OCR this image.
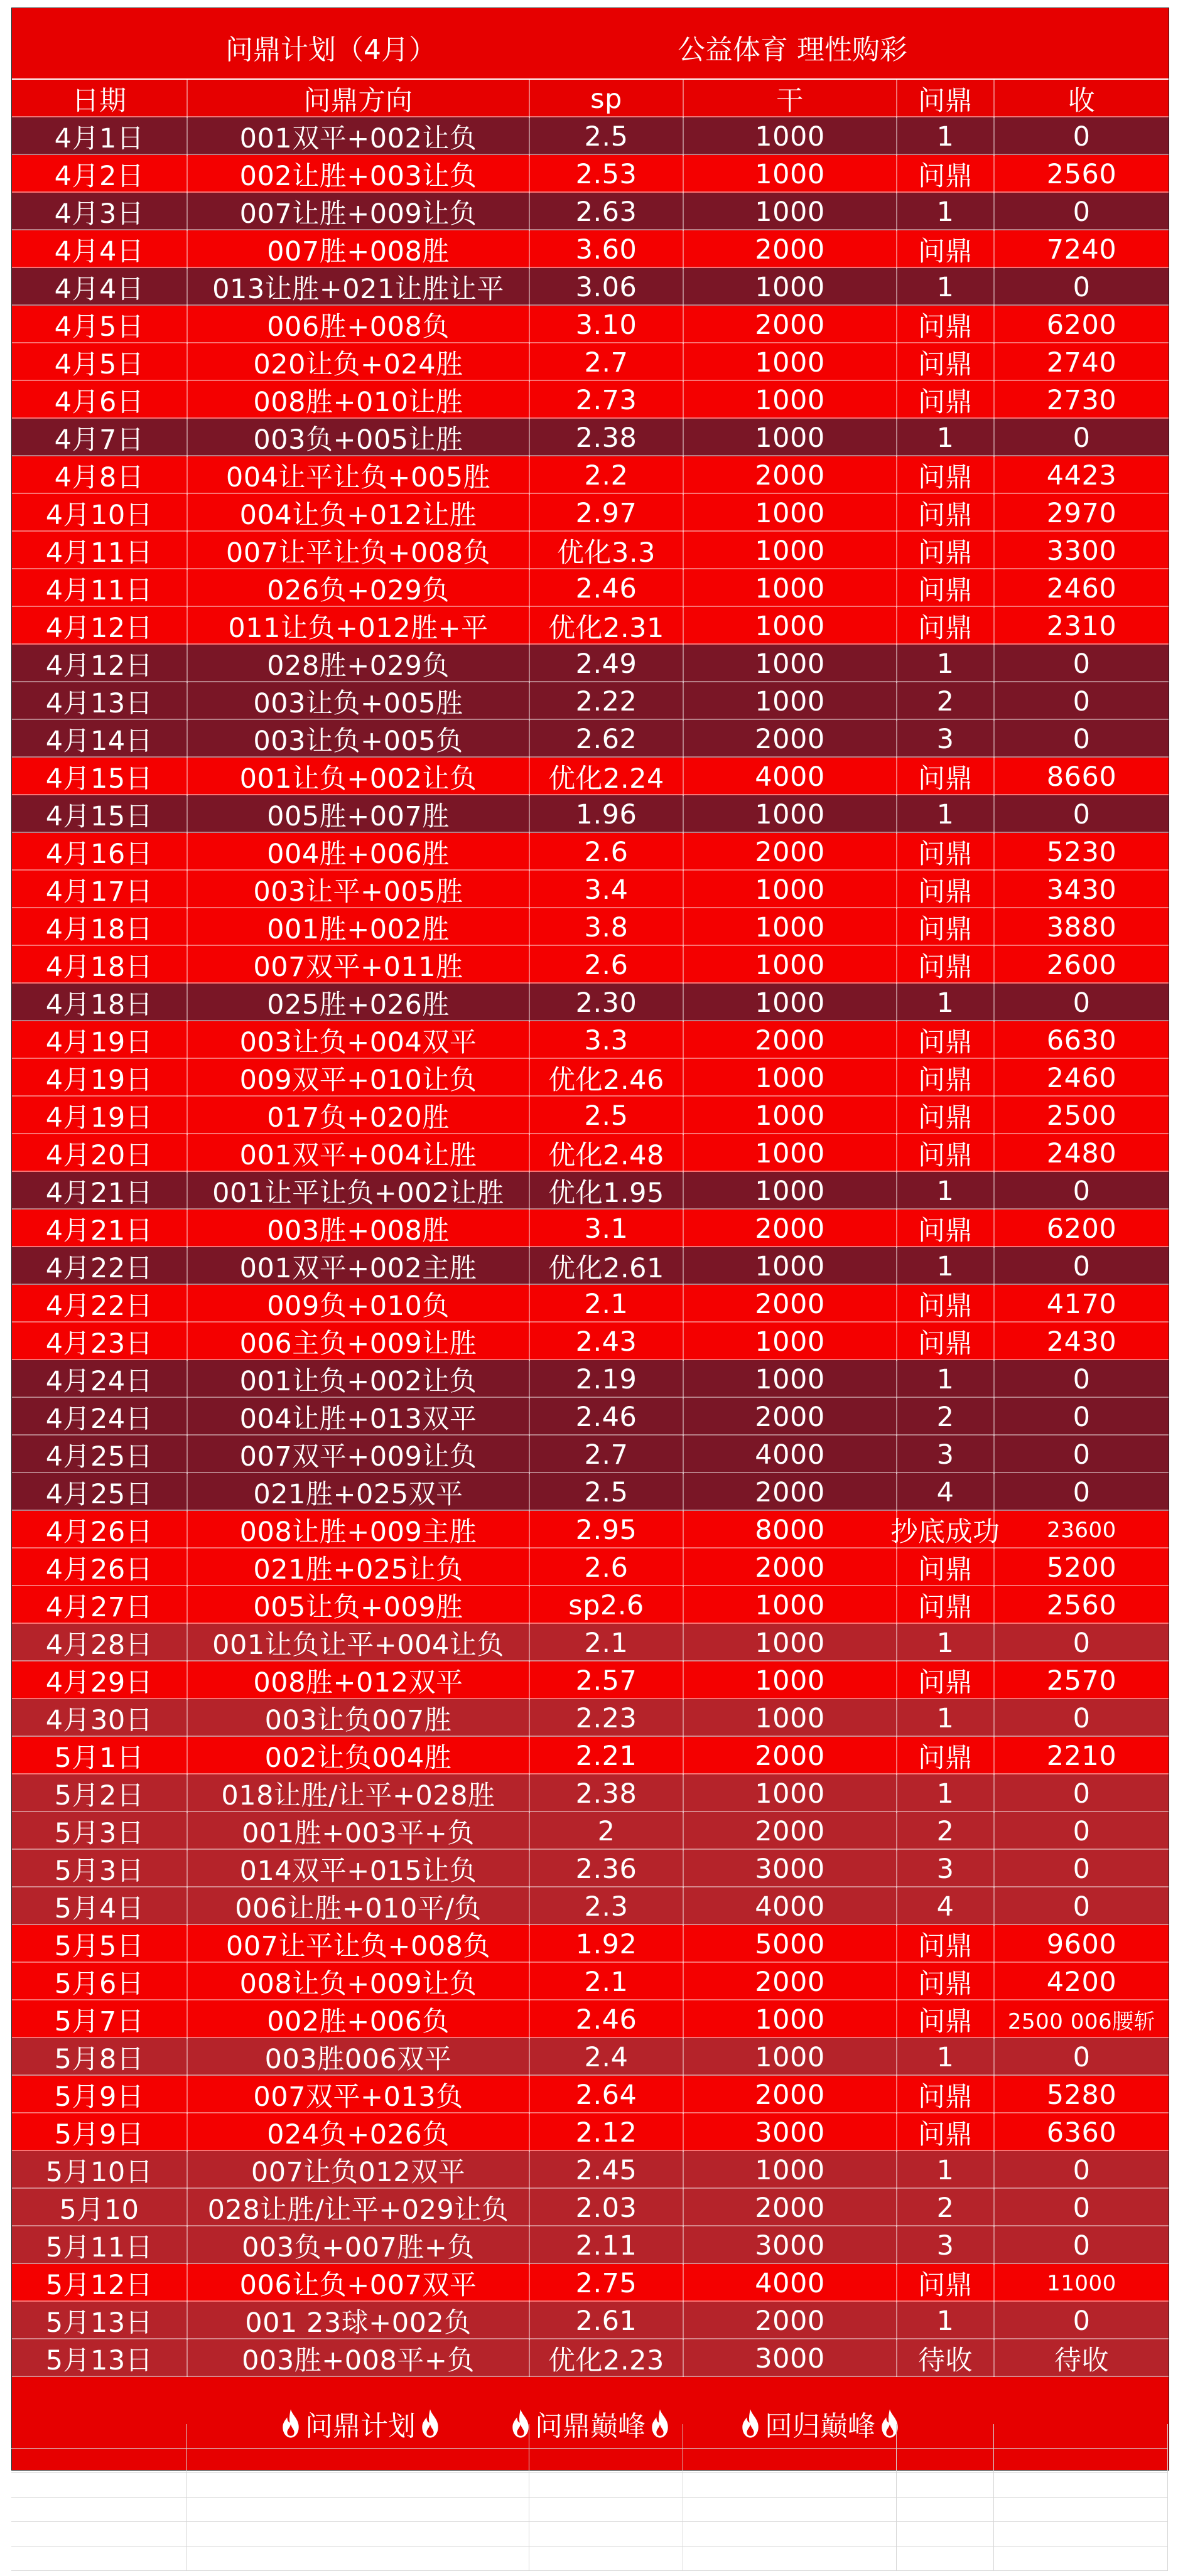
问鼎计划（4月）	公益体育 理性购彩
日期	问鼎方向	sp	干	问鼎	收
4月1日	001双平+002让负	2.5	1000	1	0
4月2日	002让胜+003让负	2.53	1000	问鼎	2560
4月3日	007让胜+009让负	2.63	1000	1	0
4月4日	007胜+008胜	3.60	2000	问鼎	7240
4月4日	013让胜+021让胜让平	3.06	1000	1	0
4月5日	006胜+008负	3.10	2000	问鼎	6200
4月5日	020让负+024胜	2.7	1000	问鼎	2740
4月6日	008胜+010让胜	2.73	1000	问鼎	2730
4月7日	003负+005让胜	2.38	1000	1	0
4月8日	004让平让负+005胜	2.2	2000	问鼎	4423
4月10日	004让负+012让胜	2.97	1000	问鼎	2970
4月11日	007让平让负+008负	优化3.3	1000	问鼎	3300
4月11日	026负+029负	2.46	1000	问鼎	2460
4月12日	011让负+012胜+平	优化2.31	1000	问鼎	2310
4月12日	028胜+029负	2.49	1000	1	0
4月13日	003让负+005胜	2.22	1000	2	0
4月14日	003让负+005负	2.62	2000	3	0
4月15日	001让负+002让负	优化2.24	4000	问鼎	8660
4月15日	005胜+007胜	1.96	1000	1	0
4月16日	004胜+006胜	2.6	2000	问鼎	5230
4月17日	003让平+005胜	3.4	1000	问鼎	3430
4月18日	001胜+002胜	3.8	1000	问鼎	3880
4月18日	007双平+011胜	2.6	1000	问鼎	2600
4月18日	025胜+026胜	2.30	1000	1	0
4月19日	003让负+004双平	3.3	2000	问鼎	6630
4月19日	009双平+010让负	优化2.46	1000	问鼎	2460
4月19日	017负+020胜	2.5	1000	问鼎	2500
4月20日	001双平+004让胜	优化2.48	1000	问鼎	2480
4月21日	001让平让负+002让胜	优化1.95	1000	1	0
4月21日	003胜+008胜	3.1	2000	问鼎	6200
4月22日	001双平+002主胜	优化2.61	1000	1	0
4月22日	009负+010负	2.1	2000	问鼎	4170
4月23日	006主负+009让胜	2.43	1000	问鼎	2430
4月24日	001让负+002让负	2.19	1000	1	0
4月24日	004让胜+013双平	2.46	2000	2	0
4月25日	007双平+009让负	2.7	4000	3	0
4月25日	021胜+025双平	2.5	2000	4	0
4月26日	008让胜+009主胜	2.95	8000	抄底成功	23600
4月26日	021胜+025让负	2.6	2000	问鼎	5200
4月27日	005让负+009胜	sp2.6	1000	问鼎	2560
4月28日	001让负让平+004让负	2.1	1000	1	0
4月29日	008胜+012双平	2.57	1000	问鼎	2570
4月30日	003让负007胜	2.23	1000	1	0
5月1日	002让负004胜	2.21	2000	问鼎	2210
5月2日	018让胜/让平+028胜	2.38	1000	1	0
5月3日	001胜+003平+负	2	2000	2	0
5月3日	014双平+015让负	2.36	3000	3	0
5月4日	006让胜+010平/负	2.3	4000	4	0
5月5日	007让平让负+008负	1.92	5000	问鼎	9600
5月6日	008让负+009让负	2.1	2000	问鼎	4200
5月7日	002胜+006负	2.46	1000	问鼎	2500 006腰斩
5月8日	003胜006双平	2.4	1000	1	0
5月9日	007双平+013负	2.64	2000	问鼎	5280
5月9日	024负+026负	2.12	3000	问鼎	6360
5月10日	007让负012双平	2.45	1000	1	0
5月10	028让胜/让平+029让负	2.03	2000	2	0
5月11日	003负+007胜+负	2.11	3000	3	0
5月12日	006让负+007双平	2.75	4000	问鼎	11000
5月13日	001 23球+002负	2.61	2000	1	0
5月13日	003胜+008平+负	优化2.23	3000	待收	待收
问鼎计划	问鼎巅峰	回归巅峰
